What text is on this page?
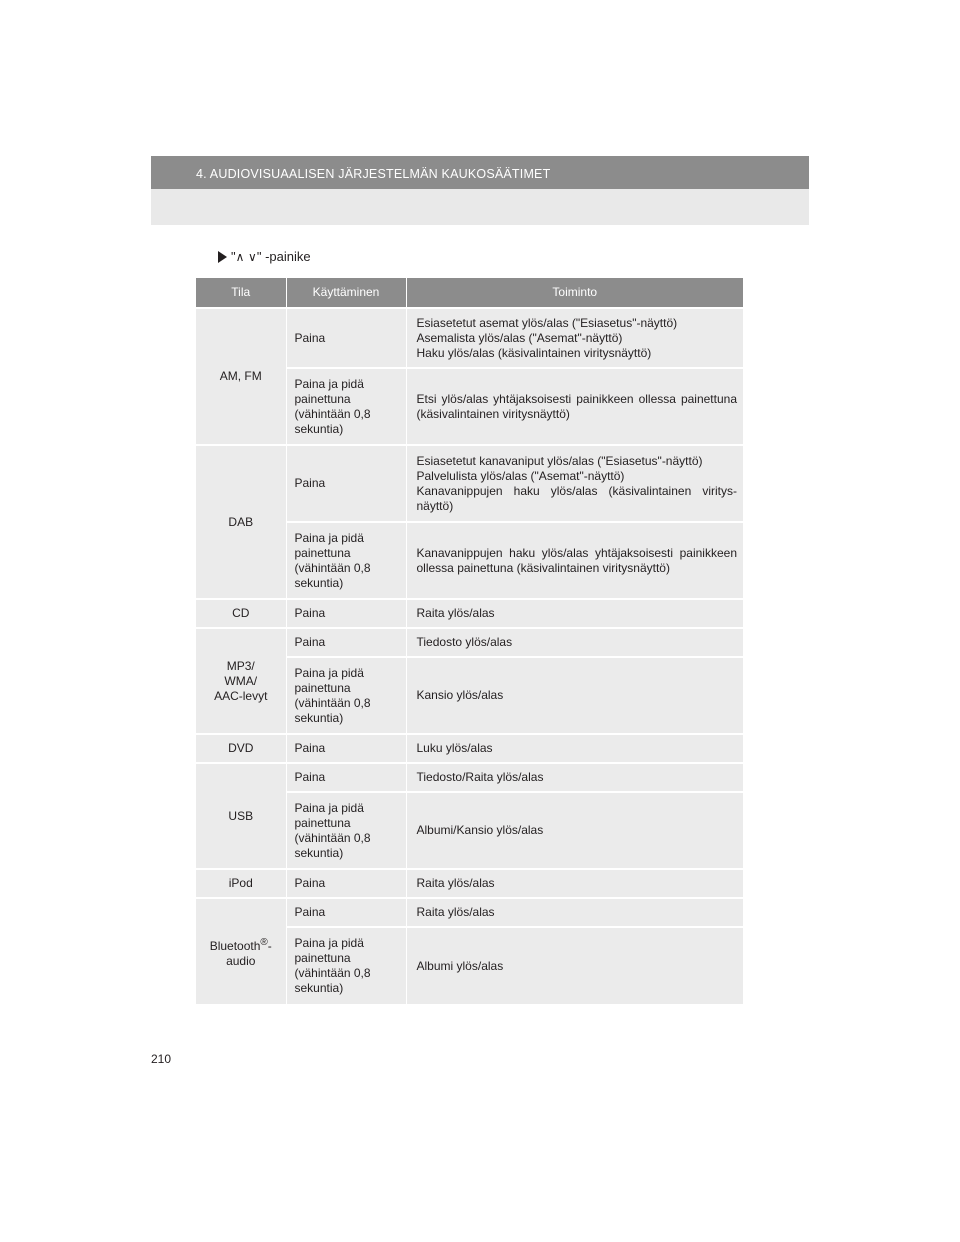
4. AUDIOVISUAALISEN JÄRJESTELMÄN KAUKOSÄÄTIMET
" ∧
∨ " -painike
Tila	Käyttäminen	Toiminto
AM, FM	Paina	Esiasetetut asemat ylös/alas ("Esiasetus"-näyttö)
Asemalista ylös/alas ("Asemat"-näyttö)
Haku ylös/alas (käsivalintainen viritysnäyttö)

	Paina ja pidä
painettuna
(vähintään 0,8
sekuntia)	Etsi ylös/alas yhtäjaksoisesti painikkeen ollessa painettuna (käsivalintainen viritysnäyttö)
DAB	Paina	Esiasetetut kanavaniput ylös/alas ("Esiasetus"-näyttö)
Palvelulista ylös/alas ("Asemat"-näyttö)
Kanavanippujen haku ylös/alas (käsivalintainen viritys-näyttö)

	Paina ja pidä
painettuna
(vähintään 0,8
sekuntia)	Kanavanippujen haku ylös/alas yhtäjaksoisesti painikkeen ollessa painettuna (käsivalintainen viritysnäyttö)
CD	Paina	Raita ylös/alas

MP3/
WMA/
AAC-levyt	Paina	Tiedosto ylös/alas

	Paina ja pidä
painettuna
(vähintään 0,8
sekuntia)	Kansio ylös/alas
DVD	Paina	Luku ylös/alas
USB	Paina	Tiedosto/Raita ylös/alas

	Paina ja pidä
painettuna
(vähintään 0,8
sekuntia)	Albumi/Kansio ylös/alas
iPod	Paina	Raita ylös/alas

Bluetooth®-
audio	Paina	Raita ylös/alas

	Paina ja pidä
painettuna
(vähintään 0,8
sekuntia)	Albumi ylös/alas
210
